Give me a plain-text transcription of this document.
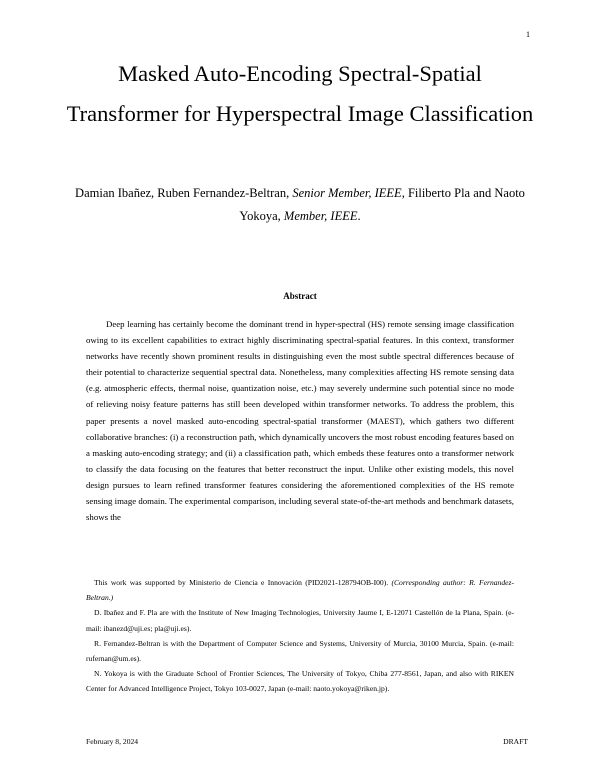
1
Masked Auto-Encoding Spectral-Spatial Transformer for Hyperspectral Image Classification
Damian Ibañez, Ruben Fernandez-Beltran, Senior Member, IEEE, Filiberto Pla and Naoto Yokoya, Member, IEEE.
Abstract
Deep learning has certainly become the dominant trend in hyper-spectral (HS) remote sensing image classification owing to its excellent capabilities to extract highly discriminating spectral-spatial features. In this context, transformer networks have recently shown prominent results in distinguishing even the most subtle spectral differences because of their potential to characterize sequential spectral data. Nonetheless, many complexities affecting HS remote sensing data (e.g. atmospheric effects, thermal noise, quantization noise, etc.) may severely undermine such potential since no mode of relieving noisy feature patterns has still been developed within transformer networks. To address the problem, this paper presents a novel masked auto-encoding spectral-spatial transformer (MAEST), which gathers two different collaborative branches: (i) a reconstruction path, which dynamically uncovers the most robust encoding features based on a masking auto-encoding strategy; and (ii) a classification path, which embeds these features onto a transformer network to classify the data focusing on the features that better reconstruct the input. Unlike other existing models, this novel design pursues to learn refined transformer features considering the aforementioned complexities of the HS remote sensing image domain. The experimental comparison, including several state-of-the-art methods and benchmark datasets, shows the

This work was supported by Ministerio de Ciencia e Innovación (PID2021-128794OB-I00). (Corresponding author: R. Fernandez-Beltran.)

D. Ibañez and F. Pla are with the Institute of New Imaging Technologies, University Jaume I, E-12071 Castellón de la Plana, Spain. (e-mail: ibanezd@uji.es; pla@uji.es).

R. Fernandez-Beltran is with the Department of Computer Science and Systems, University of Murcia, 30100 Murcia, Spain. (e-mail: rufernan@um.es).

N. Yokoya is with the Graduate School of Frontier Sciences, The University of Tokyo, Chiba 277-8561, Japan, and also with RIKEN Center for Advanced Intelligence Project, Tokyo 103-0027, Japan (e-mail: naoto.yokoya@riken.jp).

February 8, 2024	DRAFT
